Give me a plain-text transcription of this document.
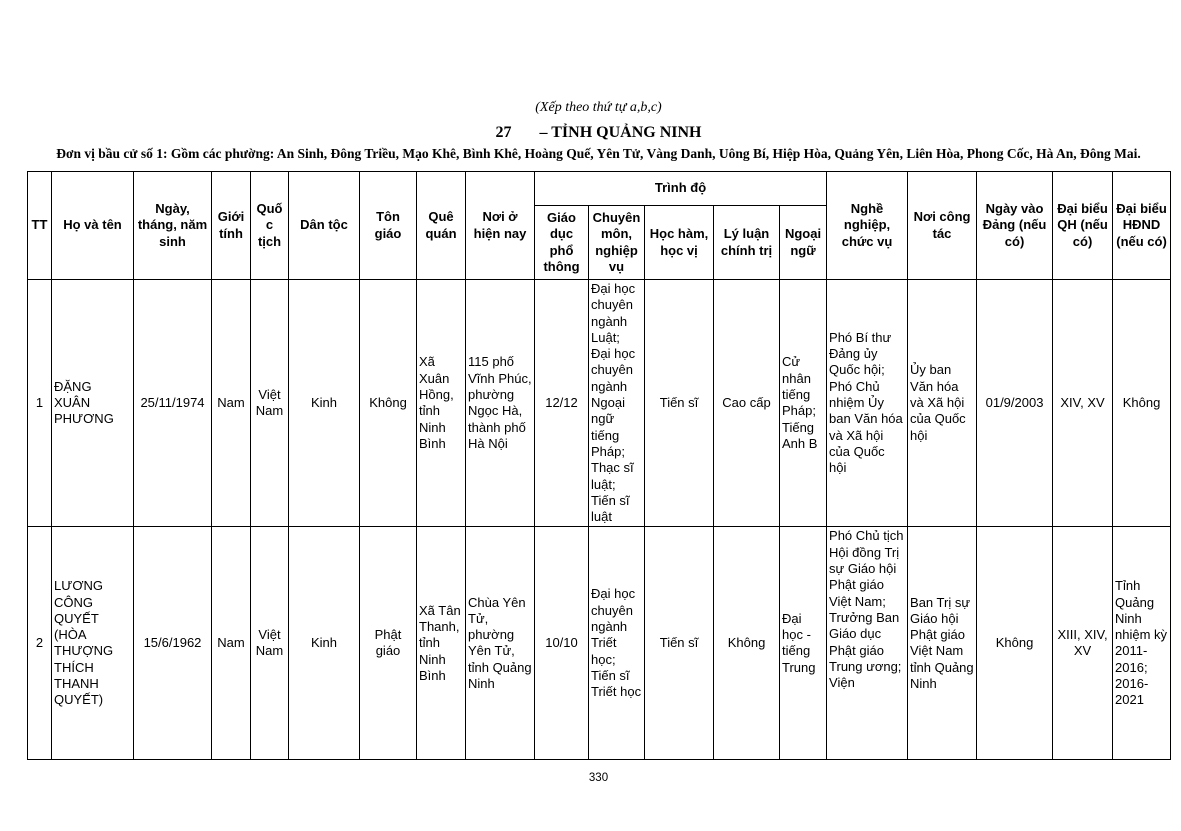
(Xếp theo thứ tự a,b,c)
27 – TỈNH QUẢNG NINH
Đơn vị bầu cử số 1: Gồm các phường: An Sinh, Đông Triều, Mạo Khê, Bình Khê, Hoàng Quế, Yên Tử, Vàng Danh, Uông Bí, Hiệp Hòa, Quảng Yên, Liên Hòa, Phong Cốc, Hà An, Đông Mai.
TT	Họ và tên	Ngày, tháng, năm sinh	Giới tính	Quốc tịch	Dân tộc	Tôn giáo	Quê quán	Nơi ở hiện nay	Trình độ					Nghề nghiệp, chức vụ	Nơi công tác	Ngày vào Đảng (nếu có)	Đại biểu QH (nếu có)	Đại biểu HĐND (nếu có)
									Giáo dục phổ thông	Chuyên môn, nghiệp vụ	Học hàm, học vị	Lý luận chính trị	Ngoại ngữ					
1	ĐẶNG XUÂN PHƯƠNG	25/11/1974	Nam	Việt Nam	Kinh	Không	Xã Xuân Hồng, tỉnh Ninh Bình	115 phố Vĩnh Phúc, phường Ngọc Hà, thành phố Hà Nội	12/12	Đại học chuyên ngành Luật; Đại học chuyên ngành Ngoại ngữ tiếng Pháp; Thạc sĩ luật; Tiến sĩ luật	Tiến sĩ	Cao cấp	Cử nhân tiếng Pháp; Tiếng Anh B	Phó Bí thư Đảng ủy Quốc hội; Phó Chủ nhiệm Ủy ban Văn hóa và Xã hội của Quốc hội	Ủy ban Văn hóa và Xã hội của Quốc hội	01/9/2003	XIV, XV	Không
2	LƯƠNG CÔNG QUYẾT (HÒA THƯỢNG THÍCH THANH QUYẾT)	15/6/1962	Nam	Việt Nam	Kinh	Phật giáo	Xã Tân Thanh, tỉnh Ninh Bình	Chùa Yên Tử, phường Yên Tử, tỉnh Quảng Ninh	10/10	Đại học chuyên ngành Triết học; Tiến sĩ Triết học	Tiến sĩ	Không	Đại học - tiếng Trung	Phó Chủ tịch Hội đồng Trị sự Giáo hội Phật giáo Việt Nam; Trưởng Ban Giáo dục Phật giáo Trung ương; Viện	Ban Trị sự Giáo hội Phật giáo Việt Nam tỉnh Quảng Ninh	Không	XIII, XIV, XV	Tỉnh Quảng Ninh nhiệm kỳ 2011-2016; 2016-2021
330
